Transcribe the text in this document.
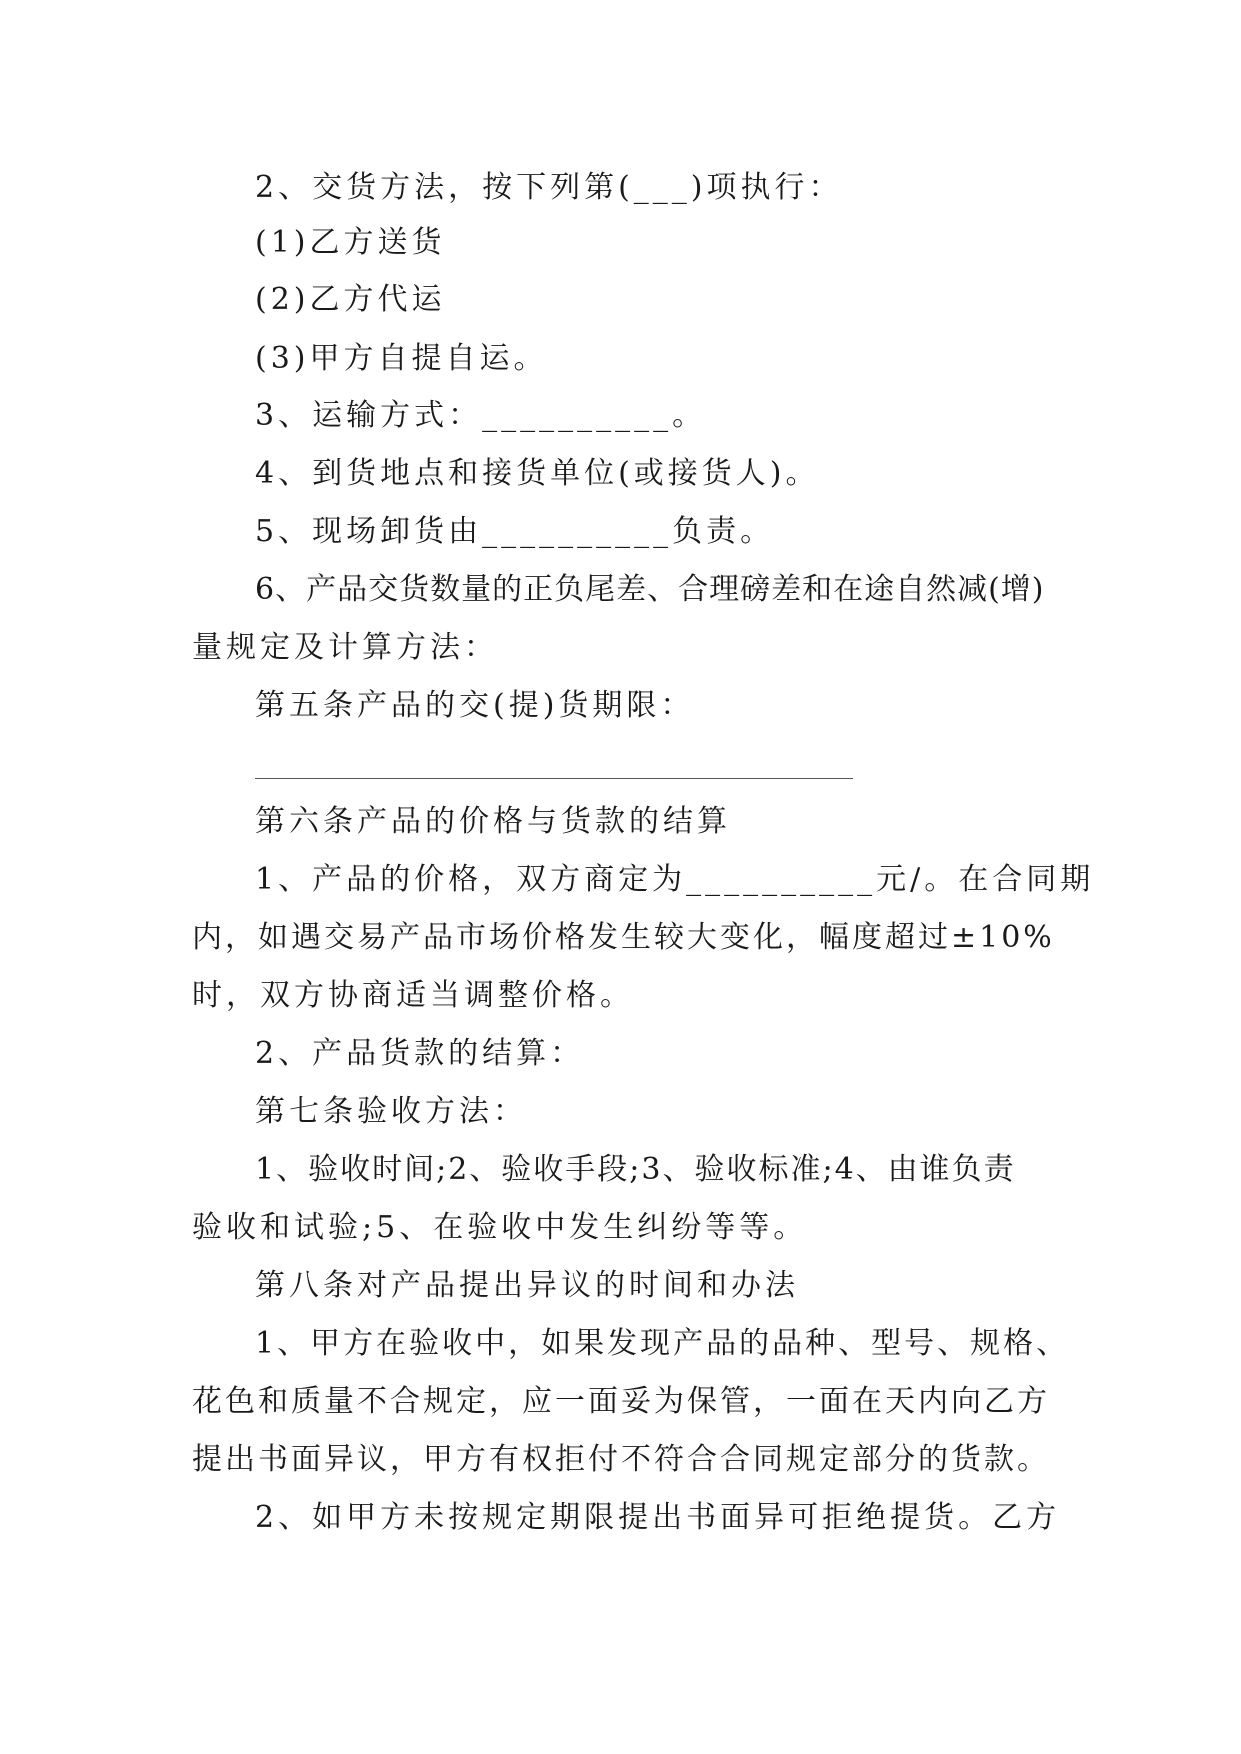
2、交货方法，按下列第(___)项执行：
(1)乙方送货
(2)乙方代运
(3)甲方自提自运。
3、运输方式：__________。
4、到货地点和接货单位(或接货人)。
5、现场卸货由__________负责。
6、产品交货数量的正负尾差、合理磅差和在途自然减(增)
量规定及计算方法：
第五条产品的交(提)货期限：
第六条产品的价格与货款的结算
1、产品的价格，双方商定为__________元/。在合同期
内，如遇交易产品市场价格发生较大变化，幅度超过±10%
时，双方协商适当调整价格。
2、产品货款的结算：
第七条验收方法：
1、验收时间;2、验收手段;3、验收标准;4、由谁负责
验收和试验;5、在验收中发生纠纷等等。
第八条对产品提出异议的时间和办法
1、甲方在验收中，如果发现产品的品种、型号、规格、
花色和质量不合规定，应一面妥为保管，一面在天内向乙方
提出书面异议，甲方有权拒付不符合合同规定部分的货款。
2、如甲方未按规定期限提出书面异可拒绝提货。乙方
